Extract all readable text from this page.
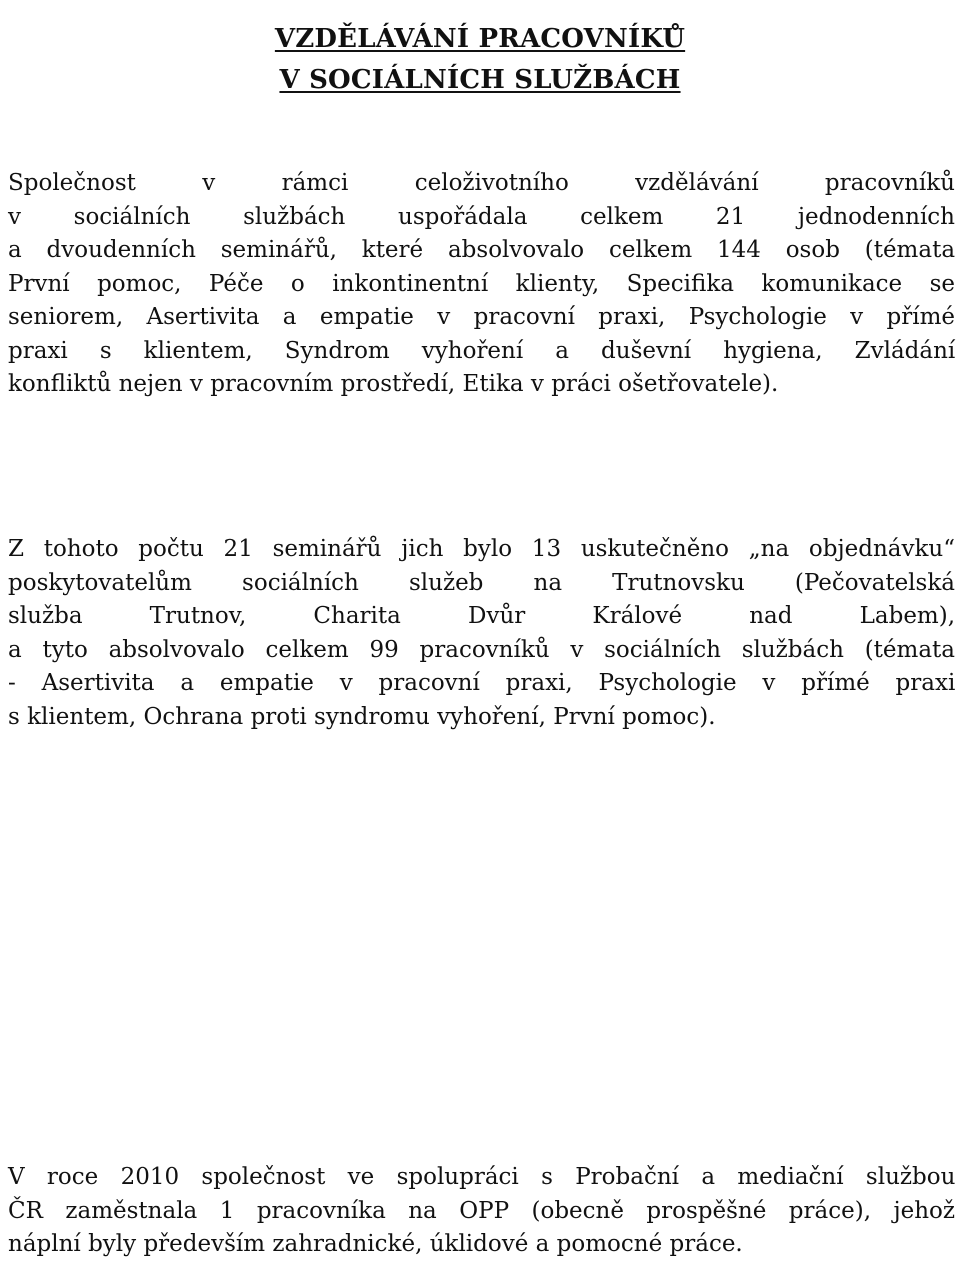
VZDĚLÁVÁNÍ PRACOVNÍKŮ
V SOCIÁLNÍCH SLUŽBÁCH

Společnost v rámci celoživotního vzdělávání pracovníků
v sociálních službách uspořádala celkem 21 jednodenních
a dvoudenních seminářů, které absolvovalo celkem 144 osob (témata
První pomoc, Péče o inkontinentní klienty, Specifika komunikace se
seniorem, Asertivita a empatie v pracovní praxi, Psychologie v přímé
praxi s klientem, Syndrom vyhoření a duševní hygiena, Zvládání
konfliktů nejen v pracovním prostředí, Etika v práci ošetřovatele).

Z tohoto počtu 21 seminářů jich bylo 13 uskutečněno „na objednávku“
poskytovatelům sociálních služeb na Trutnovsku (Pečovatelská
služba Trutnov, Charita Dvůr Králové nad Labem),
a tyto absolvovalo celkem 99 pracovníků v sociálních službách (témata
- Asertivita a empatie v pracovní praxi, Psychologie v přímé praxi
s klientem, Ochrana proti syndromu vyhoření, První pomoc).

V roce 2010 společnost ve spolupráci s Probační a mediační službou
ČR zaměstnala 1 pracovníka na OPP (obecně prospěšné práce), jehož
náplní byly především zahradnické, úklidové a pomocné práce.
